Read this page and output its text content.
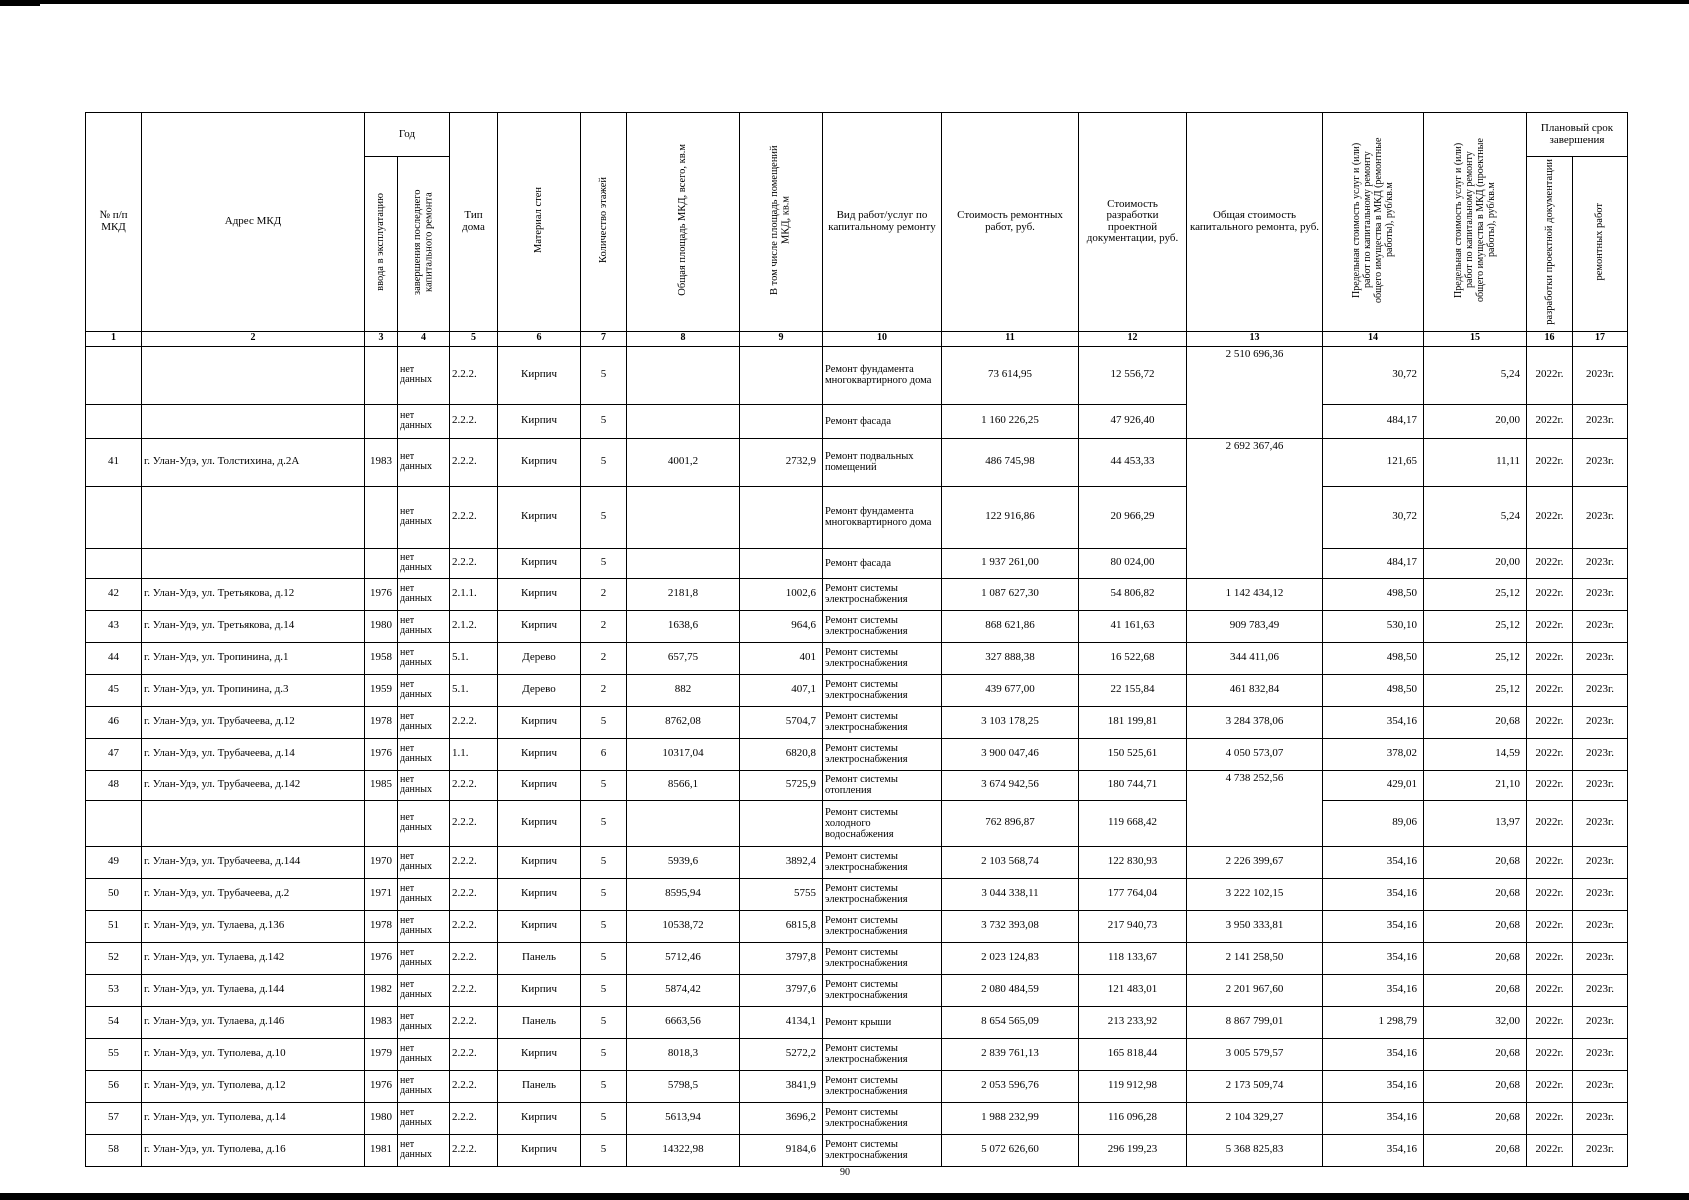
№ п/п МКД	Адрес МКД	Год		Тип дома	Материал стен	Количество этажей	Общая площадь МКД, всего, кв.м	В том числе площадь помещений МКД, кв.м	Вид работ/услуг по капитальному ремонту	Стоимость ремонтных работ, руб.	Стоимость разработки проектной документации, руб.	Общая стоимость капитального ремонта, руб.	Предельная стоимость услуг и (или) работ по капитальному ремонту общего имущества в МКД (ремонтные работы), руб/кв.м	Предельная стоимость услуг и (или) работ по капитальному ремонту общего имущества в МКД (проектные работы), руб/кв.м	Плановый срок завершения	
		ввода в эксплуатацию	завершения последнего капитального ремонта												разработки проектной документации	ремонтных работ
1	2	3	4	5	6	7	8	9	10	11	12	13	14	15	16	17
			нет данных	2.2.2.	Кирпич	5			Ремонт фундамента многоквартирного дома	73 614,95	12 556,72	2 510 696,36	30,72	5,24	2022г.	2023г.
			нет данных	2.2.2.	Кирпич	5			Ремонт фасада	1 160 226,25	47 926,40		484,17	20,00	2022г.	2023г.
41	г. Улан-Удэ, ул. Толстихина, д.2А	1983	нет данных	2.2.2.	Кирпич	5	4001,2	2732,9	Ремонт подвальных помещений	486 745,98	44 453,33	2 692 367,46	121,65	11,11	2022г.	2023г.
			нет данных	2.2.2.	Кирпич	5			Ремонт фундамента многоквартирного дома	122 916,86	20 966,29		30,72	5,24	2022г.	2023г.
			нет данных	2.2.2.	Кирпич	5			Ремонт фасада	1 937 261,00	80 024,00		484,17	20,00	2022г.	2023г.
42	г. Улан-Удэ, ул. Третьякова, д.12	1976	нет данных	2.1.1.	Кирпич	2	2181,8	1002,6	Ремонт системы электроснабжения	1 087 627,30	54 806,82	1 142 434,12	498,50	25,12	2022г.	2023г.
43	г. Улан-Удэ, ул. Третьякова, д.14	1980	нет данных	2.1.2.	Кирпич	2	1638,6	964,6	Ремонт системы электроснабжения	868 621,86	41 161,63	909 783,49	530,10	25,12	2022г.	2023г.
44	г. Улан-Удэ, ул. Тропинина, д.1	1958	нет данных	5.1.	Дерево	2	657,75	401	Ремонт системы электроснабжения	327 888,38	16 522,68	344 411,06	498,50	25,12	2022г.	2023г.
45	г. Улан-Удэ, ул. Тропинина, д.3	1959	нет данных	5.1.	Дерево	2	882	407,1	Ремонт системы электроснабжения	439 677,00	22 155,84	461 832,84	498,50	25,12	2022г.	2023г.
46	г. Улан-Удэ, ул. Трубачеева, д.12	1978	нет данных	2.2.2.	Кирпич	5	8762,08	5704,7	Ремонт системы электроснабжения	3 103 178,25	181 199,81	3 284 378,06	354,16	20,68	2022г.	2023г.
47	г. Улан-Удэ, ул. Трубачеева, д.14	1976	нет данных	1.1.	Кирпич	6	10317,04	6820,8	Ремонт системы электроснабжения	3 900 047,46	150 525,61	4 050 573,07	378,02	14,59	2022г.	2023г.
48	г. Улан-Удэ, ул. Трубачеева, д.142	1985	нет данных	2.2.2.	Кирпич	5	8566,1	5725,9	Ремонт системы отопления	3 674 942,56	180 744,71	4 738 252,56	429,01	21,10	2022г.	2023г.
			нет данных	2.2.2.	Кирпич	5			Ремонт системы холодного водоснабжения	762 896,87	119 668,42		89,06	13,97	2022г.	2023г.
49	г. Улан-Удэ, ул. Трубачеева, д.144	1970	нет данных	2.2.2.	Кирпич	5	5939,6	3892,4	Ремонт системы электроснабжения	2 103 568,74	122 830,93	2 226 399,67	354,16	20,68	2022г.	2023г.
50	г. Улан-Удэ, ул. Трубачеева, д.2	1971	нет данных	2.2.2.	Кирпич	5	8595,94	5755	Ремонт системы электроснабжения	3 044 338,11	177 764,04	3 222 102,15	354,16	20,68	2022г.	2023г.
51	г. Улан-Удэ, ул. Тулаева, д.136	1978	нет данных	2.2.2.	Кирпич	5	10538,72	6815,8	Ремонт системы электроснабжения	3 732 393,08	217 940,73	3 950 333,81	354,16	20,68	2022г.	2023г.
52	г. Улан-Удэ, ул. Тулаева, д.142	1976	нет данных	2.2.2.	Панель	5	5712,46	3797,8	Ремонт системы электроснабжения	2 023 124,83	118 133,67	2 141 258,50	354,16	20,68	2022г.	2023г.
53	г. Улан-Удэ, ул. Тулаева, д.144	1982	нет данных	2.2.2.	Кирпич	5	5874,42	3797,6	Ремонт системы электроснабжения	2 080 484,59	121 483,01	2 201 967,60	354,16	20,68	2022г.	2023г.
54	г. Улан-Удэ, ул. Тулаева, д.146	1983	нет данных	2.2.2.	Панель	5	6663,56	4134,1	Ремонт крыши	8 654 565,09	213 233,92	8 867 799,01	1 298,79	32,00	2022г.	2023г.
55	г. Улан-Удэ, ул. Туполева, д.10	1979	нет данных	2.2.2.	Кирпич	5	8018,3	5272,2	Ремонт системы электроснабжения	2 839 761,13	165 818,44	3 005 579,57	354,16	20,68	2022г.	2023г.
56	г. Улан-Удэ, ул. Туполева, д.12	1976	нет данных	2.2.2.	Панель	5	5798,5	3841,9	Ремонт системы электроснабжения	2 053 596,76	119 912,98	2 173 509,74	354,16	20,68	2022г.	2023г.
57	г. Улан-Удэ, ул. Туполева, д.14	1980	нет данных	2.2.2.	Кирпич	5	5613,94	3696,2	Ремонт системы электроснабжения	1 988 232,99	116 096,28	2 104 329,27	354,16	20,68	2022г.	2023г.
58	г. Улан-Удэ, ул. Туполева, д.16	1981	нет данных	2.2.2.	Кирпич	5	14322,98	9184,6	Ремонт системы электроснабжения	5 072 626,60	296 199,23	5 368 825,83	354,16	20,68	2022г.	2023г.
90
